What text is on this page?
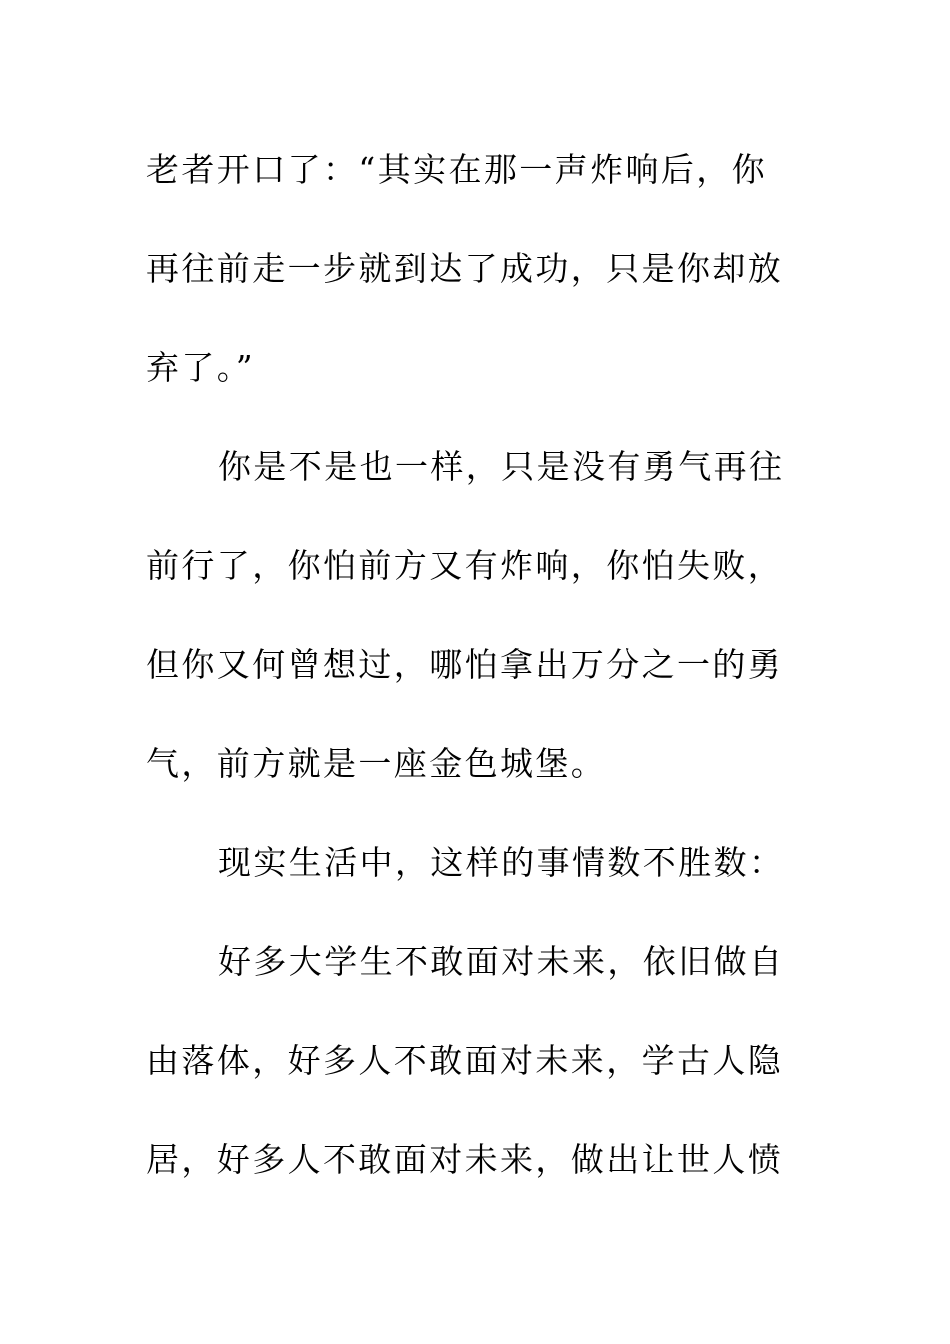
老者开口了：“其实在那一声炸响后，你
再往前走一步就到达了成功，只是你却放
弃了。”
你是不是也一样，只是没有勇气再往
前行了，你怕前方又有炸响，你怕失败，
但你又何曾想过，哪怕拿出万分之一的勇
气，前方就是一座金色城堡。
现实生活中，这样的事情数不胜数：
好多大学生不敢面对未来，依旧做自
由落体，好多人不敢面对未来，学古人隐
居，好多人不敢面对未来，做出让世人愤
